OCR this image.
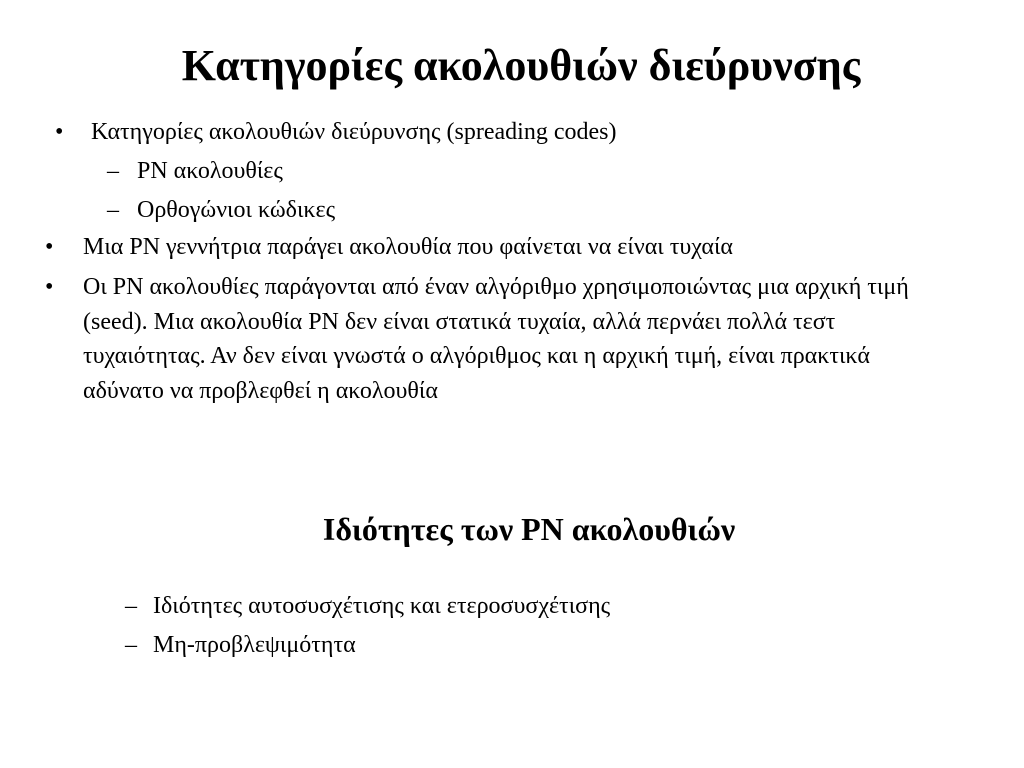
Κατηγορίες ακολουθιών διεύρυνσης
•	Κατηγορίες ακολουθιών διεύρυνσης (spreading codes)
– PN ακολουθίες
– Ορθογώνιοι κώδικες
•	Μια PN γεννήτρια παράγει ακολουθία που φαίνεται να είναι τυχαία
•	Οι PN ακολουθίες παράγονται από έναν αλγόριθμο χρησιμοποιώντας μια αρχική τιμή (seed). Μια ακολουθία PN δεν είναι στατικά τυχαία, αλλά περνάει πολλά τεστ τυχαιότητας. Αν δεν είναι γνωστά ο αλγόριθμος και η αρχική τιμή, είναι πρακτικά αδύνατο να προβλεφθεί η ακολουθία
Ιδιότητες των PN ακολουθιών
– Ιδιότητες αυτοσυσχέτισης και ετεροσυσχέτισης
– Μη-προβλεψιμότητα
